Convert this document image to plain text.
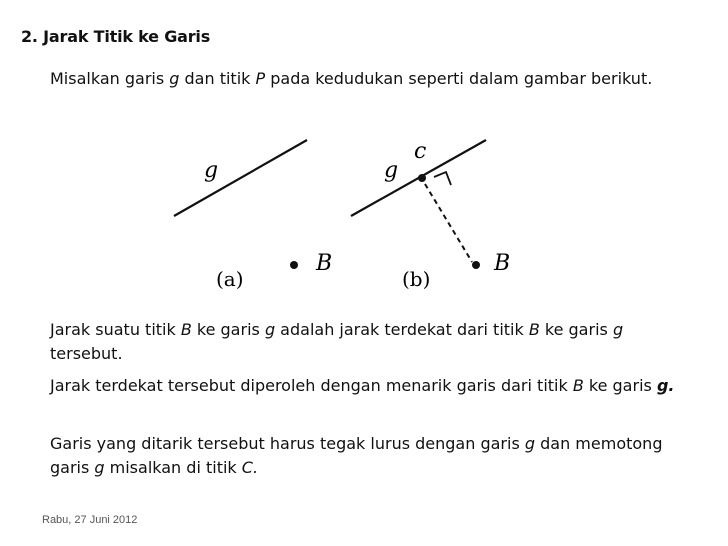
2. Jarak Titik ke Garis
Misalkan garis g dan titik P pada kedudukan seperti dalam gambar berikut.
g
B
(a)
g
c
B
(b)
Jarak suatu titik B ke garis g adalah jarak terdekat dari titik B ke garis g tersebut.
Jarak terdekat tersebut diperoleh dengan menarik garis dari titik B ke garis g.
Garis yang ditarik tersebut harus tegak lurus dengan garis g dan memotong garis g misalkan di titik C.
Rabu, 27 Juni 2012
